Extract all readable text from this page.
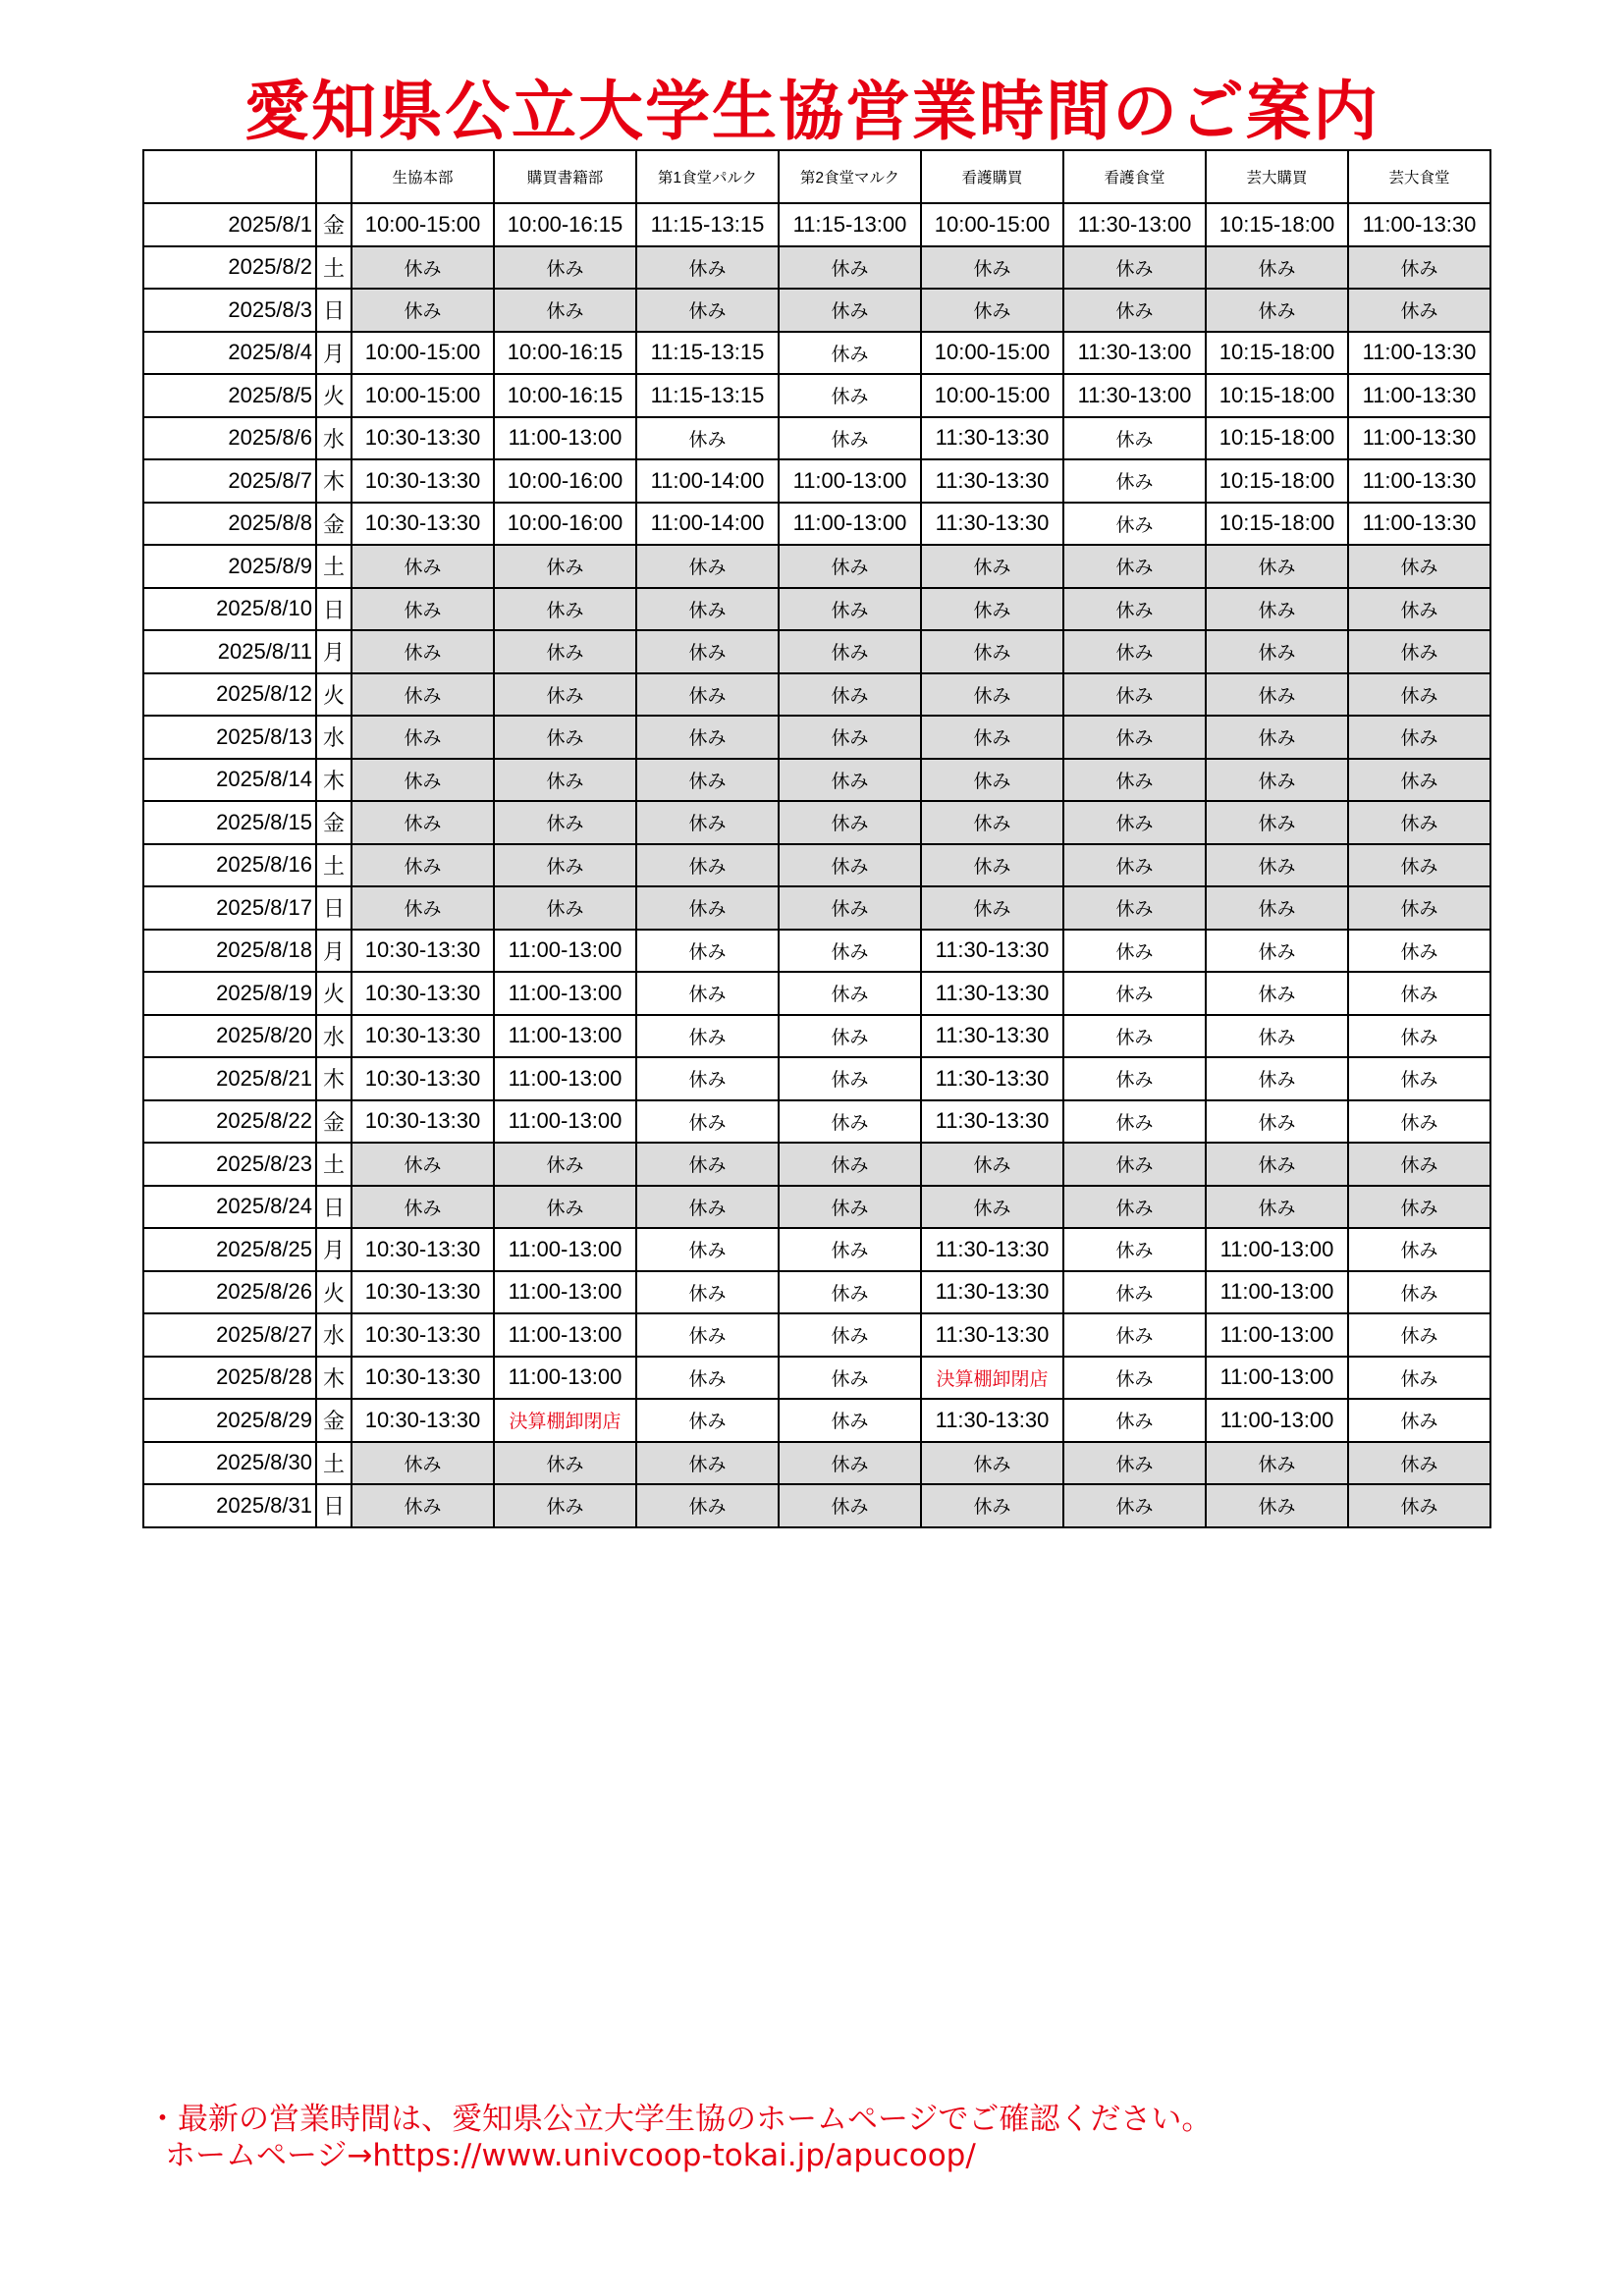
愛知県公立大学生協営業時間のご案内
		生協本部	購買書籍部	第1食堂パルク	第2食堂マルク	看護購買	看護食堂	芸大購買	芸大食堂
2025/8/1	金	10:00-15:00	10:00-16:15	11:15-13:15	11:15-13:00	10:00-15:00	11:30-13:00	10:15-18:00	11:00-13:30
2025/8/2	土	休み	休み	休み	休み	休み	休み	休み	休み
2025/8/3	日	休み	休み	休み	休み	休み	休み	休み	休み
2025/8/4	月	10:00-15:00	10:00-16:15	11:15-13:15	休み	10:00-15:00	11:30-13:00	10:15-18:00	11:00-13:30
2025/8/5	火	10:00-15:00	10:00-16:15	11:15-13:15	休み	10:00-15:00	11:30-13:00	10:15-18:00	11:00-13:30
2025/8/6	水	10:30-13:30	11:00-13:00	休み	休み	11:30-13:30	休み	10:15-18:00	11:00-13:30
2025/8/7	木	10:30-13:30	10:00-16:00	11:00-14:00	11:00-13:00	11:30-13:30	休み	10:15-18:00	11:00-13:30
2025/8/8	金	10:30-13:30	10:00-16:00	11:00-14:00	11:00-13:00	11:30-13:30	休み	10:15-18:00	11:00-13:30
2025/8/9	土	休み	休み	休み	休み	休み	休み	休み	休み
2025/8/10	日	休み	休み	休み	休み	休み	休み	休み	休み
2025/8/11	月	休み	休み	休み	休み	休み	休み	休み	休み
2025/8/12	火	休み	休み	休み	休み	休み	休み	休み	休み
2025/8/13	水	休み	休み	休み	休み	休み	休み	休み	休み
2025/8/14	木	休み	休み	休み	休み	休み	休み	休み	休み
2025/8/15	金	休み	休み	休み	休み	休み	休み	休み	休み
2025/8/16	土	休み	休み	休み	休み	休み	休み	休み	休み
2025/8/17	日	休み	休み	休み	休み	休み	休み	休み	休み
2025/8/18	月	10:30-13:30	11:00-13:00	休み	休み	11:30-13:30	休み	休み	休み
2025/8/19	火	10:30-13:30	11:00-13:00	休み	休み	11:30-13:30	休み	休み	休み
2025/8/20	水	10:30-13:30	11:00-13:00	休み	休み	11:30-13:30	休み	休み	休み
2025/8/21	木	10:30-13:30	11:00-13:00	休み	休み	11:30-13:30	休み	休み	休み
2025/8/22	金	10:30-13:30	11:00-13:00	休み	休み	11:30-13:30	休み	休み	休み
2025/8/23	土	休み	休み	休み	休み	休み	休み	休み	休み
2025/8/24	日	休み	休み	休み	休み	休み	休み	休み	休み
2025/8/25	月	10:30-13:30	11:00-13:00	休み	休み	11:30-13:30	休み	11:00-13:00	休み
2025/8/26	火	10:30-13:30	11:00-13:00	休み	休み	11:30-13:30	休み	11:00-13:00	休み
2025/8/27	水	10:30-13:30	11:00-13:00	休み	休み	11:30-13:30	休み	11:00-13:00	休み
2025/8/28	木	10:30-13:30	11:00-13:00	休み	休み	決算棚卸閉店	休み	11:00-13:00	休み
2025/8/29	金	10:30-13:30	決算棚卸閉店	休み	休み	11:30-13:30	休み	11:00-13:00	休み
2025/8/30	土	休み	休み	休み	休み	休み	休み	休み	休み
2025/8/31	日	休み	休み	休み	休み	休み	休み	休み	休み
・最新の営業時間は、愛知県公立大学生協のホームページでご確認ください。
ホームページ→https://www.univcoop-tokai.jp/apucoop/
